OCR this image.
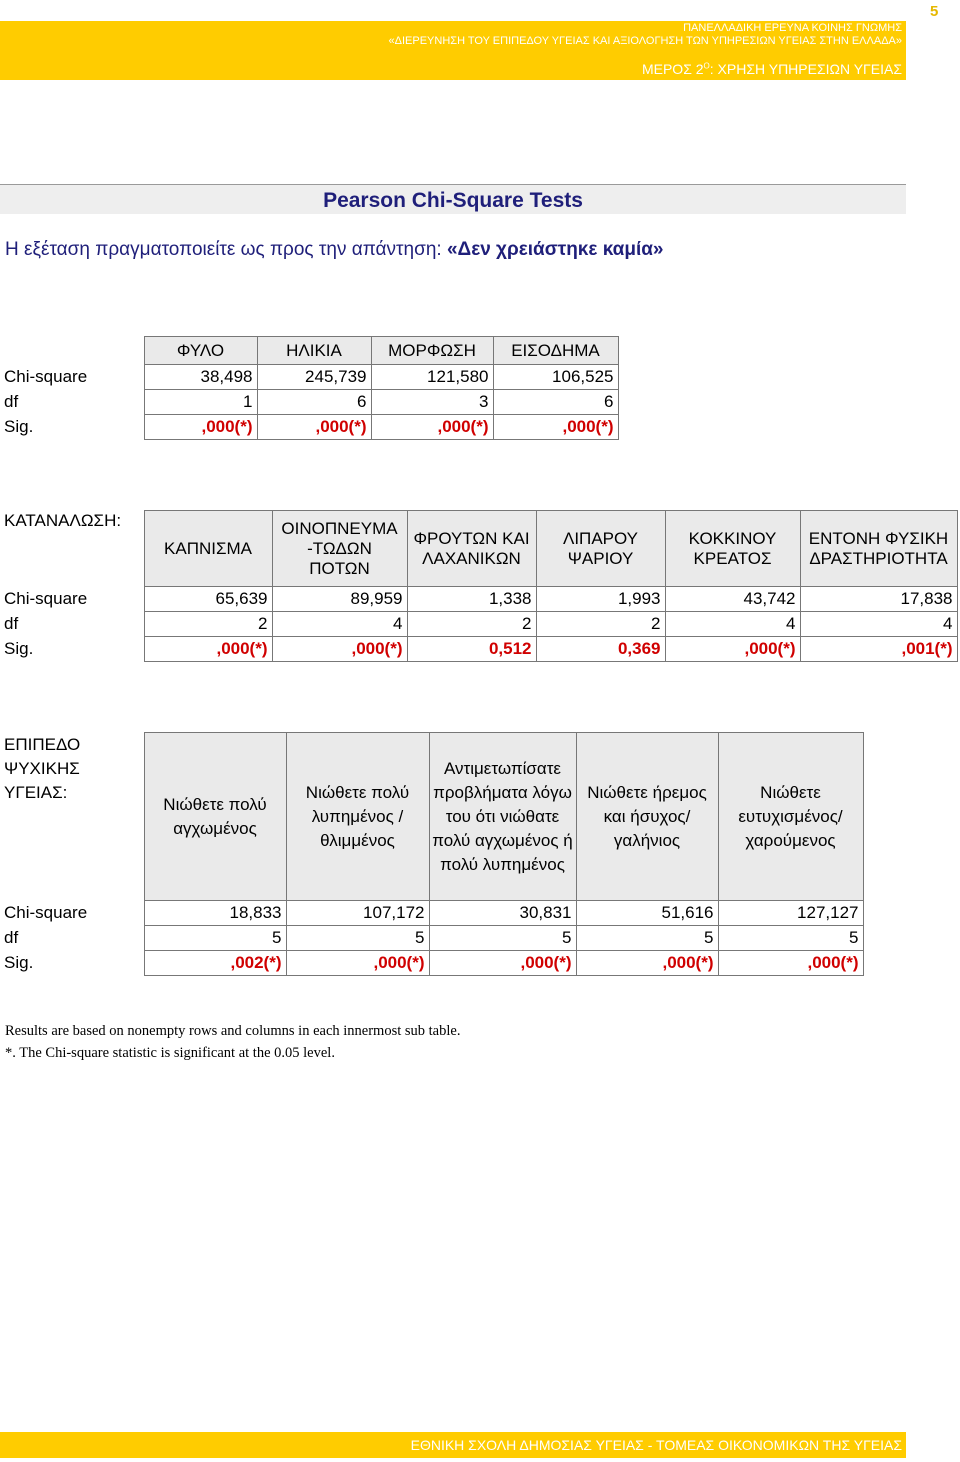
5
ΠΑΝΕΛΛΑΔΙΚΗ ΕΡΕΥΝΑ ΚΟΙΝΗΣ ΓΝΩΜΗΣ
«ΔΙΕΡΕΥΝΗΣΗ ΤΟΥ ΕΠΙΠΕΔΟΥ ΥΓΕΙΑΣ ΚΑΙ ΑΞΙΟΛΟΓΗΣΗ ΤΩΝ ΥΠΗΡΕΣΙΩΝ ΥΓΕΙΑΣ ΣΤΗΝ ΕΛΛΑΔΑ»
ΜΕΡΟΣ $2^O$: ΧΡΗΣΗ ΥΠΗΡΕΣΙΩΝ ΥΓΕΙΑΣ
Pearson Chi-Square Tests
Η εξέταση πραγματοποιείτε ως προς την απάντηση: «Δεν χρειάστηκε καμία»
	ΦΥΛΟ	ΗΛΙΚΙΑ	ΜΟΡΦΩΣΗ	ΕΙΣΟΔΗΜΑ
Chi-square	38,498	245,739	121,580	106,525
df	1	6	3	6
Sig.	,000(*)	,000(*)	,000(*)	,000(*)
ΚΑΤΑΝΑΛΩΣΗ:	ΚΑΠΝΙΣΜΑ	ΟΙΝΟΠΝΕΥΜΑ -ΤΩΔΩΝ ΠΟΤΩΝ	ΦΡΟΥΤΩΝ ΚΑΙ ΛΑΧΑΝΙΚΩΝ	ΛΙΠΑΡΟΥ ΨΑΡΙΟΥ	ΚΟΚΚΙΝΟΥ ΚΡΕΑΤΟΣ	ΕΝΤΟΝΗ ΦΥΣΙΚΗ ΔΡΑΣΤΗΡΙΟΤΗΤΑ
Chi-square	65,639	89,959	1,338	1,993	43,742	17,838
df	2	4	2	2	4	4
Sig.	,000(*)	,000(*)	0,512	0,369	,000(*)	,001(*)
ΕΠΙΠΕΔΟ ΨΥΧΙΚΗΣ ΥΓΕΙΑΣ:	Νιώθετε πολύ αγχωμένος	Νιώθετε πολύ λυπημένος /θλιμμένος	Αντιμετωπίσατε προβλήματα λόγω του ότι νιώθατε πολύ αγχωμένος ή πολύ λυπημένος	Νιώθετε ήρεμος και ήσυχος/ γαλήνιος	Νιώθετε ευτυχισμένος/ χαρούμενος
Chi-square	18,833	107,172	30,831	51,616	127,127
df	5	5	5	5	5
Sig.	,002(*)	,000(*)	,000(*)	,000(*)	,000(*)
Results are based on nonempty rows and columns in each innermost sub table.
*. The Chi-square statistic is significant at the 0.05 level.
ΕΘΝΙΚΗ ΣΧΟΛΗ ΔΗΜΟΣΙΑΣ ΥΓΕΙΑΣ - ΤΟΜΕΑΣ ΟΙΚΟΝΟΜΙΚΩΝ ΤΗΣ ΥΓΕΙΑΣ
